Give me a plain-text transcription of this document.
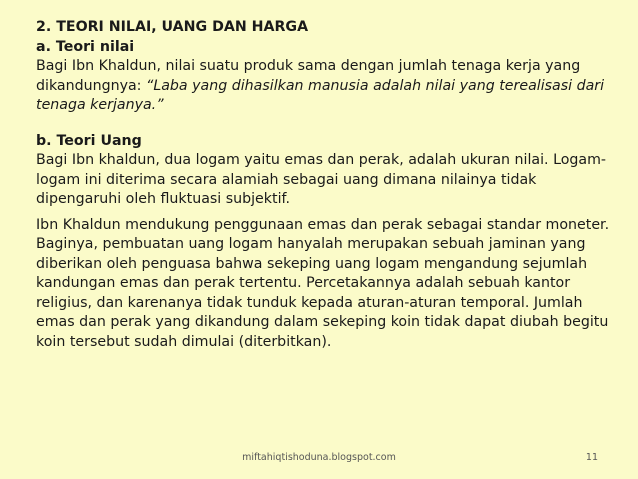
2. TEORI NILAI, UANG DAN HARGA

a. Teori nilai

Bagi Ibn Khaldun, nilai suatu produk sama dengan jumlah tenaga kerja yang dikandungnya: “Laba yang dihasilkan manusia adalah nilai yang terealisasi dari tenaga kerjanya.”

b. Teori Uang

Bagi Ibn khaldun, dua logam yaitu emas dan perak, adalah ukuran nilai. Logam-logam ini diterima secara alamiah sebagai uang dimana nilainya tidak dipengaruhi oleh fluktuasi subjektif.

Ibn Khaldun mendukung penggunaan emas dan perak sebagai standar moneter. Baginya, pembuatan uang logam hanyalah merupakan sebuah jaminan yang diberikan oleh penguasa bahwa sekeping uang logam mengandung sejumlah kandungan emas dan perak tertentu. Percetakannya adalah sebuah kantor religius, dan karenanya tidak tunduk kepada aturan-aturan temporal. Jumlah emas dan perak yang dikandung dalam sekeping koin tidak dapat diubah begitu koin tersebut sudah dimulai (diterbitkan).

miftahiqtishoduna.blogspot.com	11
